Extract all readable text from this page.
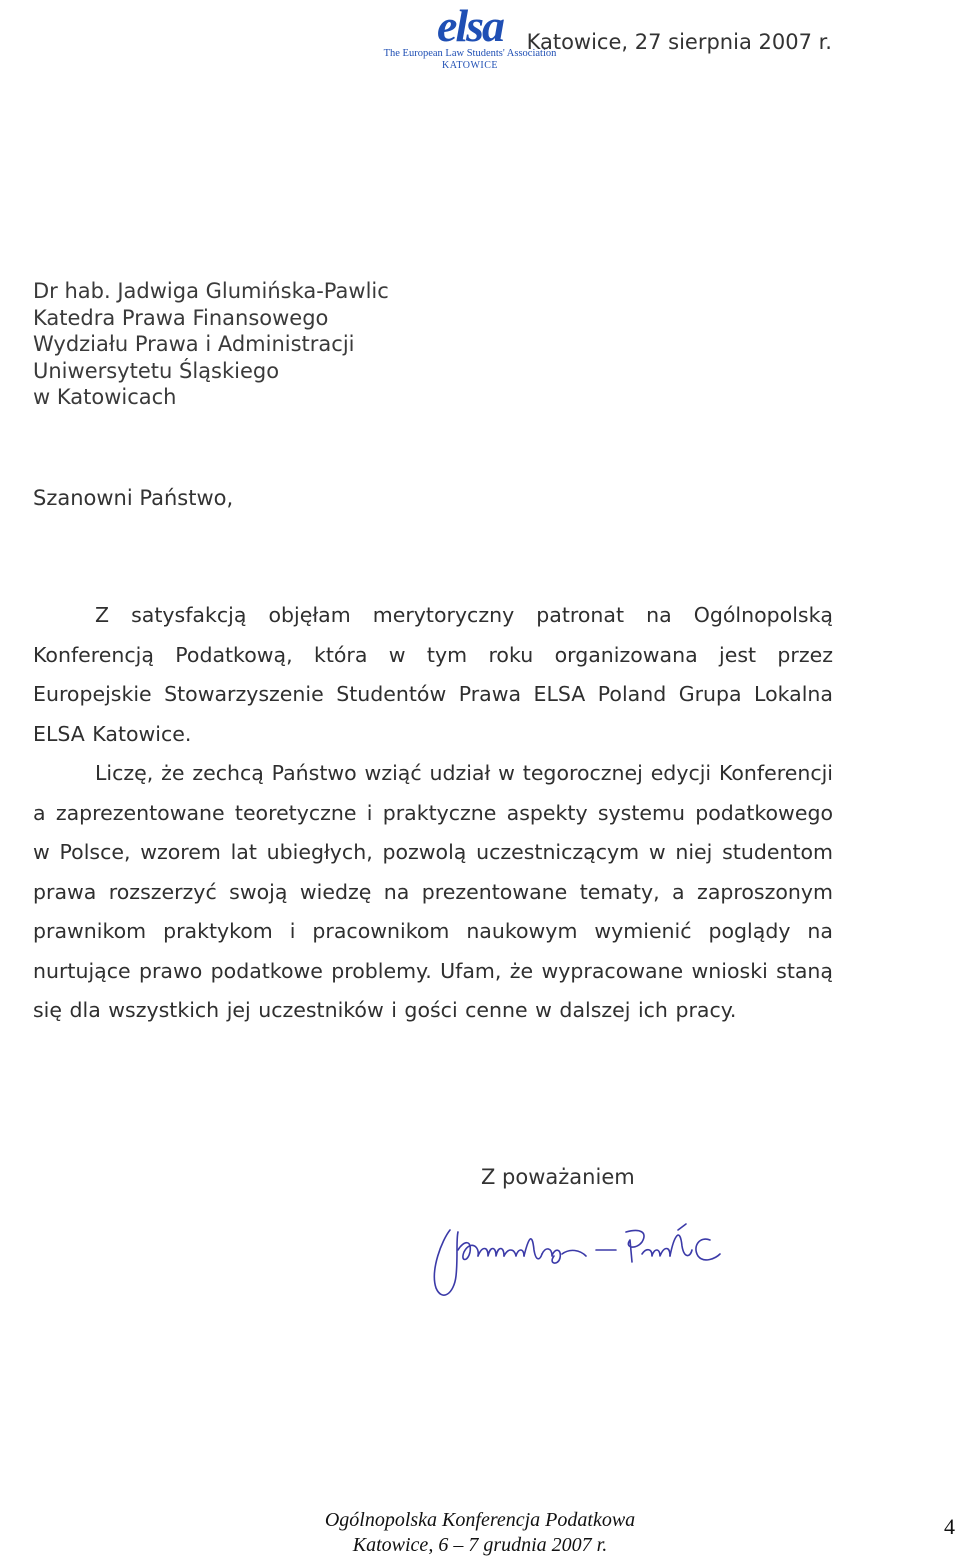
elsa
The European Law Students' Association
KATOWICE
Katowice, 27 sierpnia 2007 r.
Dr hab. Jadwiga Glumińska-Pawlic
Katedra Prawa Finansowego
Wydziału Prawa i Administracji
Uniwersytetu Śląskiego
w Katowicach
Szanowni Państwo,

Z satysfakcją objęłam merytoryczny patronat na Ogólnopolską Konferencją Podatkową, która w tym roku organizowana jest przez Europejskie Stowarzyszenie Studentów Prawa ELSA Poland Grupa Lokalna ELSA Katowice.

Liczę, że zechcą Państwo wziąć udział w tegorocznej edycji Konferencji a zaprezentowane teoretyczne i praktyczne aspekty systemu podatkowego w Polsce, wzorem lat ubiegłych, pozwolą uczestniczącym w niej studentom prawa rozszerzyć swoją wiedzę na prezentowane tematy, a zaproszonym prawnikom praktykom i pracownikom naukowym wymienić poglądy na nurtujące prawo podatkowe problemy. Ufam, że wypracowane wnioski staną się dla wszystkich jej uczestników i gości cenne w dalszej ich pracy.

Z poważaniem
Ogólnopolska Konferencja Podatkowa
Katowice, 6 – 7 grudnia 2007 r.
4
